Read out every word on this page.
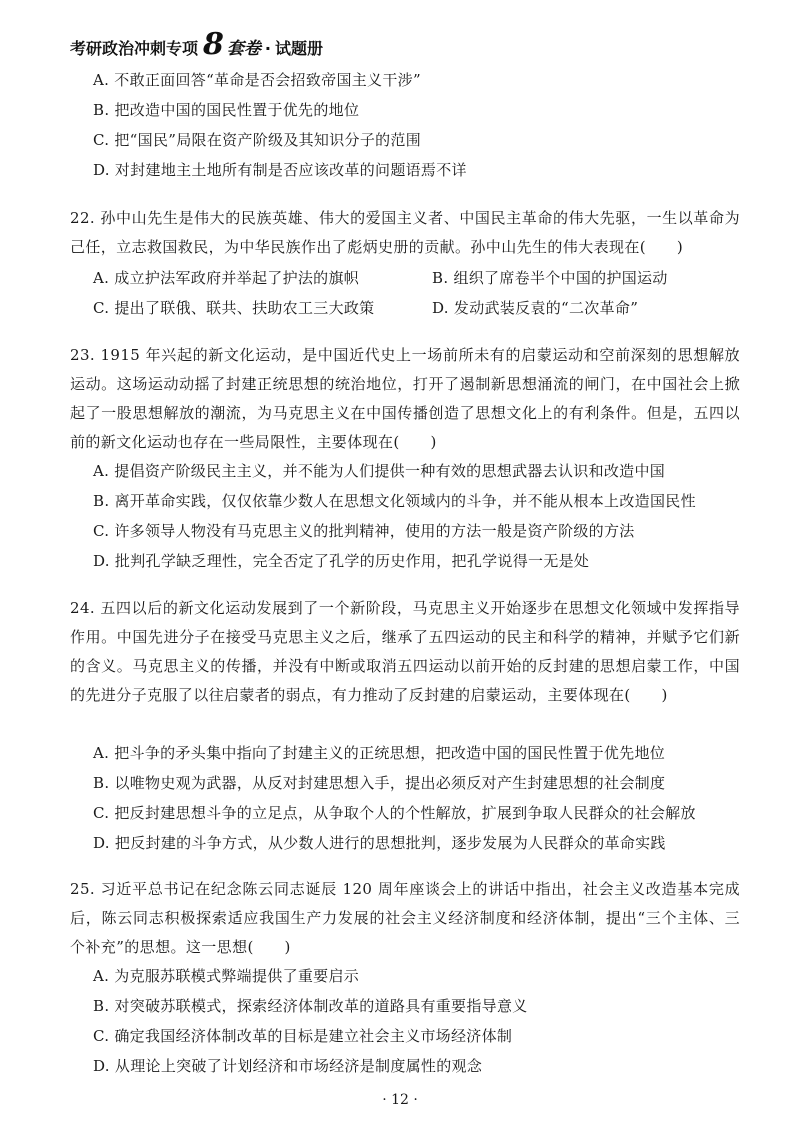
考研政治冲刺专项 8 套卷 · 试题册
A. 不敢正面回答“革命是否会招致帝国主义干涉”
B. 把改造中国的国民性置于优先的地位
C. 把“国民”局限在资产阶级及其知识分子的范围
D. 对封建地主土地所有制是否应该改革的问题语焉不详
22. 孙中山先生是伟大的民族英雄、伟大的爱国主义者、中国民主革命的伟大先驱，一生以革命为己任，立志救国救民，为中华民族作出了彪炳史册的贡献。孙中山先生的伟大表现在(　　)
A. 成立护法军政府并举起了护法的旗帜	B. 组织了席卷半个中国的护国运动
C. 提出了联俄、联共、扶助农工三大政策	D. 发动武装反袁的“二次革命”
23. 1915 年兴起的新文化运动，是中国近代史上一场前所未有的启蒙运动和空前深刻的思想解放运动。这场运动动摇了封建正统思想的统治地位，打开了遏制新思想涌流的闸门，在中国社会上掀起了一股思想解放的潮流，为马克思主义在中国传播创造了思想文化上的有利条件。但是，五四以前的新文化运动也存在一些局限性，主要体现在(　　)
A. 提倡资产阶级民主主义，并不能为人们提供一种有效的思想武器去认识和改造中国
B. 离开革命实践，仅仅依靠少数人在思想文化领域内的斗争，并不能从根本上改造国民性
C. 许多领导人物没有马克思主义的批判精神，使用的方法一般是资产阶级的方法
D. 批判孔学缺乏理性，完全否定了孔学的历史作用，把孔学说得一无是处
24. 五四以后的新文化运动发展到了一个新阶段，马克思主义开始逐步在思想文化领域中发挥指导作用。中国先进分子在接受马克思主义之后，继承了五四运动的民主和科学的精神，并赋予它们新的含义。马克思主义的传播，并没有中断或取消五四运动以前开始的反封建的思想启蒙工作，中国的先进分子克服了以往启蒙者的弱点，有力推动了反封建的启蒙运动，主要体现在(　　)
A. 把斗争的矛头集中指向了封建主义的正统思想，把改造中国的国民性置于优先地位
B. 以唯物史观为武器，从反对封建思想入手，提出必须反对产生封建思想的社会制度
C. 把反封建思想斗争的立足点，从争取个人的个性解放，扩展到争取人民群众的社会解放
D. 把反封建的斗争方式，从少数人进行的思想批判，逐步发展为人民群众的革命实践
25. 习近平总书记在纪念陈云同志诞辰 120 周年座谈会上的讲话中指出，社会主义改造基本完成后，陈云同志积极探索适应我国生产力发展的社会主义经济制度和经济体制，提出“三个主体、三个补充”的思想。这一思想(　　)
A. 为克服苏联模式弊端提供了重要启示
B. 对突破苏联模式，探索经济体制改革的道路具有重要指导意义
C. 确定我国经济体制改革的目标是建立社会主义市场经济体制
D. 从理论上突破了计划经济和市场经济是制度属性的观念
· 12 ·
